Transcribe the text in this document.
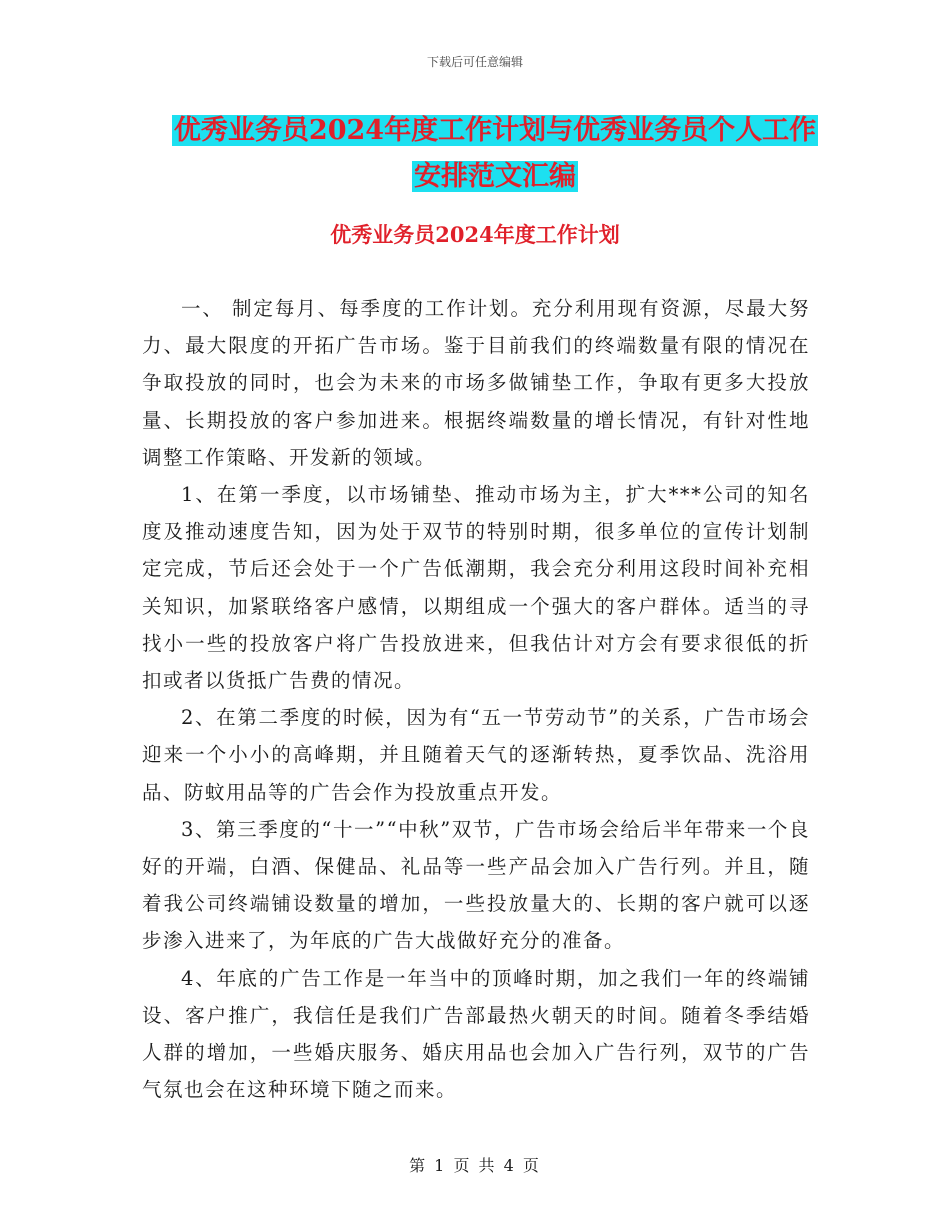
下载后可任意编辑
优秀业务员2024年度工作计划与优秀业务员个人工作
安排范文汇编
优秀业务员2024年度工作计划

一、 制定每月、每季度的工作计划。充分利用现有资源，尽最大努力、最大限度的开拓广告市场。鉴于目前我们的终端数量有限的情况在争取投放的同时，也会为未来的市场多做铺垫工作，争取有更多大投放量、长期投放的客户参加进来。根据终端数量的增长情况，有针对性地调整工作策略、开发新的领域。

1、在第一季度，以市场铺垫、推动市场为主，扩大***公司的知名度及推动速度告知，因为处于双节的特别时期，很多单位的宣传计划制定完成，节后还会处于一个广告低潮期，我会充分利用这段时间补充相关知识，加紧联络客户感情，以期组成一个强大的客户群体。适当的寻找小一些的投放客户将广告投放进来，但我估计对方会有要求很低的折扣或者以货抵广告费的情况。

2、在第二季度的时候，因为有“五一节劳动节”的关系，广告市场会迎来一个小小的高峰期，并且随着天气的逐渐转热，夏季饮品、洗浴用品、防蚊用品等的广告会作为投放重点开发。

3、第三季度的“十一”“中秋”双节，广告市场会给后半年带来一个良好的开端，白酒、保健品、礼品等一些产品会加入广告行列。并且，随着我公司终端铺设数量的增加，一些投放量大的、长期的客户就可以逐步渗入进来了，为年底的广告大战做好充分的准备。

4、年底的广告工作是一年当中的顶峰时期，加之我们一年的终端铺设、客户推广，我信任是我们广告部最热火朝天的时间。随着冬季结婚人群的增加，一些婚庆服务、婚庆用品也会加入广告行列，双节的广告气氛也会在这种环境下随之而来。

第 1 页 共 4 页
